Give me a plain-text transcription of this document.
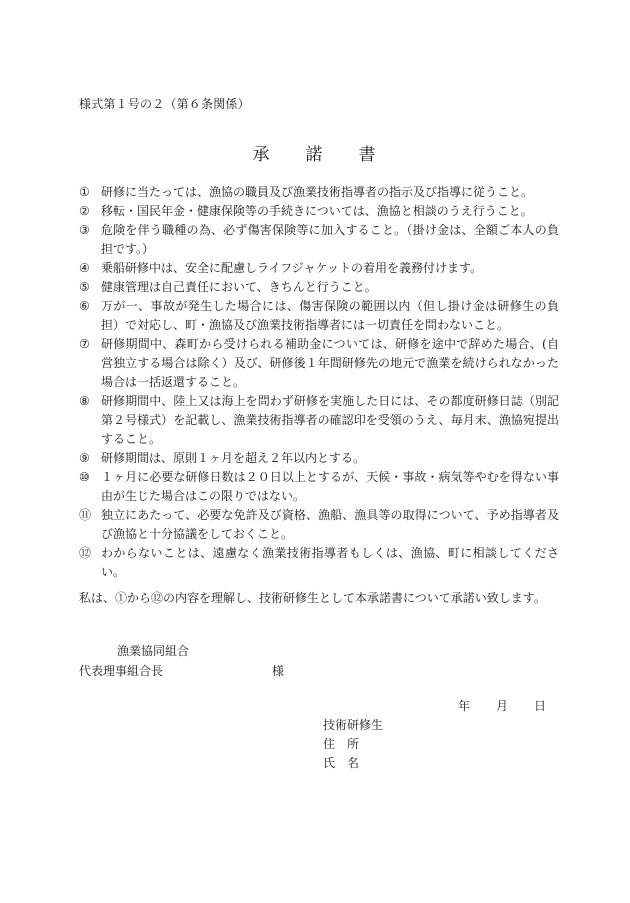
様式第１号の２（第６条関係）
承 諾 書
① 研修に当たっては、漁協の職員及び漁業技術指導者の指示及び指導に従うこと。
② 移転・国民年金・健康保険等の手続きについては、漁協と相談のうえ行うこと。
③ 危険を伴う職種の為、必ず傷害保険等に加入すること。（掛け金は、全額ご本人の負担です。）
④ 乗船研修中は、安全に配慮しライフジャケットの着用を義務付けます。
⑤ 健康管理は自己責任において、きちんと行うこと。
⑥ 万が一、事故が発生した場合には、傷害保険の範囲以内（但し掛け金は研修生の負担）で対応し、町・漁協及び漁業技術指導者には一切責任を問わないこと。
⑦ 研修期間中、森町から受けられる補助金については、研修を途中で辞めた場合、(自営独立する場合は除く）及び、研修後１年間研修先の地元で漁業を続けられなかった場合は一括返還すること。
⑧ 研修期間中、陸上又は海上を問わず研修を実施した日には、その都度研修日誌（別記第２号様式）を記載し、漁業技術指導者の確認印を受領のうえ、毎月末、漁協宛提出すること。
⑨ 研修期間は、原則１ヶ月を超え２年以内とする。
⑩ １ヶ月に必要な研修日数は２０日以上とするが、天候・事故・病気等やむを得ない事由が生じた場合はこの限りではない。
⑪ 独立にあたって、必要な免許及び資格、漁船、漁具等の取得について、予め指導者及び漁協と十分協議をしておくこと。
⑫ わからないことは、遠慮なく漁業技術指導者もしくは、漁協、町に相談してください。
私は、①から⑫の内容を理解し、技術研修生として本承諾書について承諾い致します。
漁業協同組合
代表理事組合長	様
年 月 日
技術研修生
住　所
氏　名
